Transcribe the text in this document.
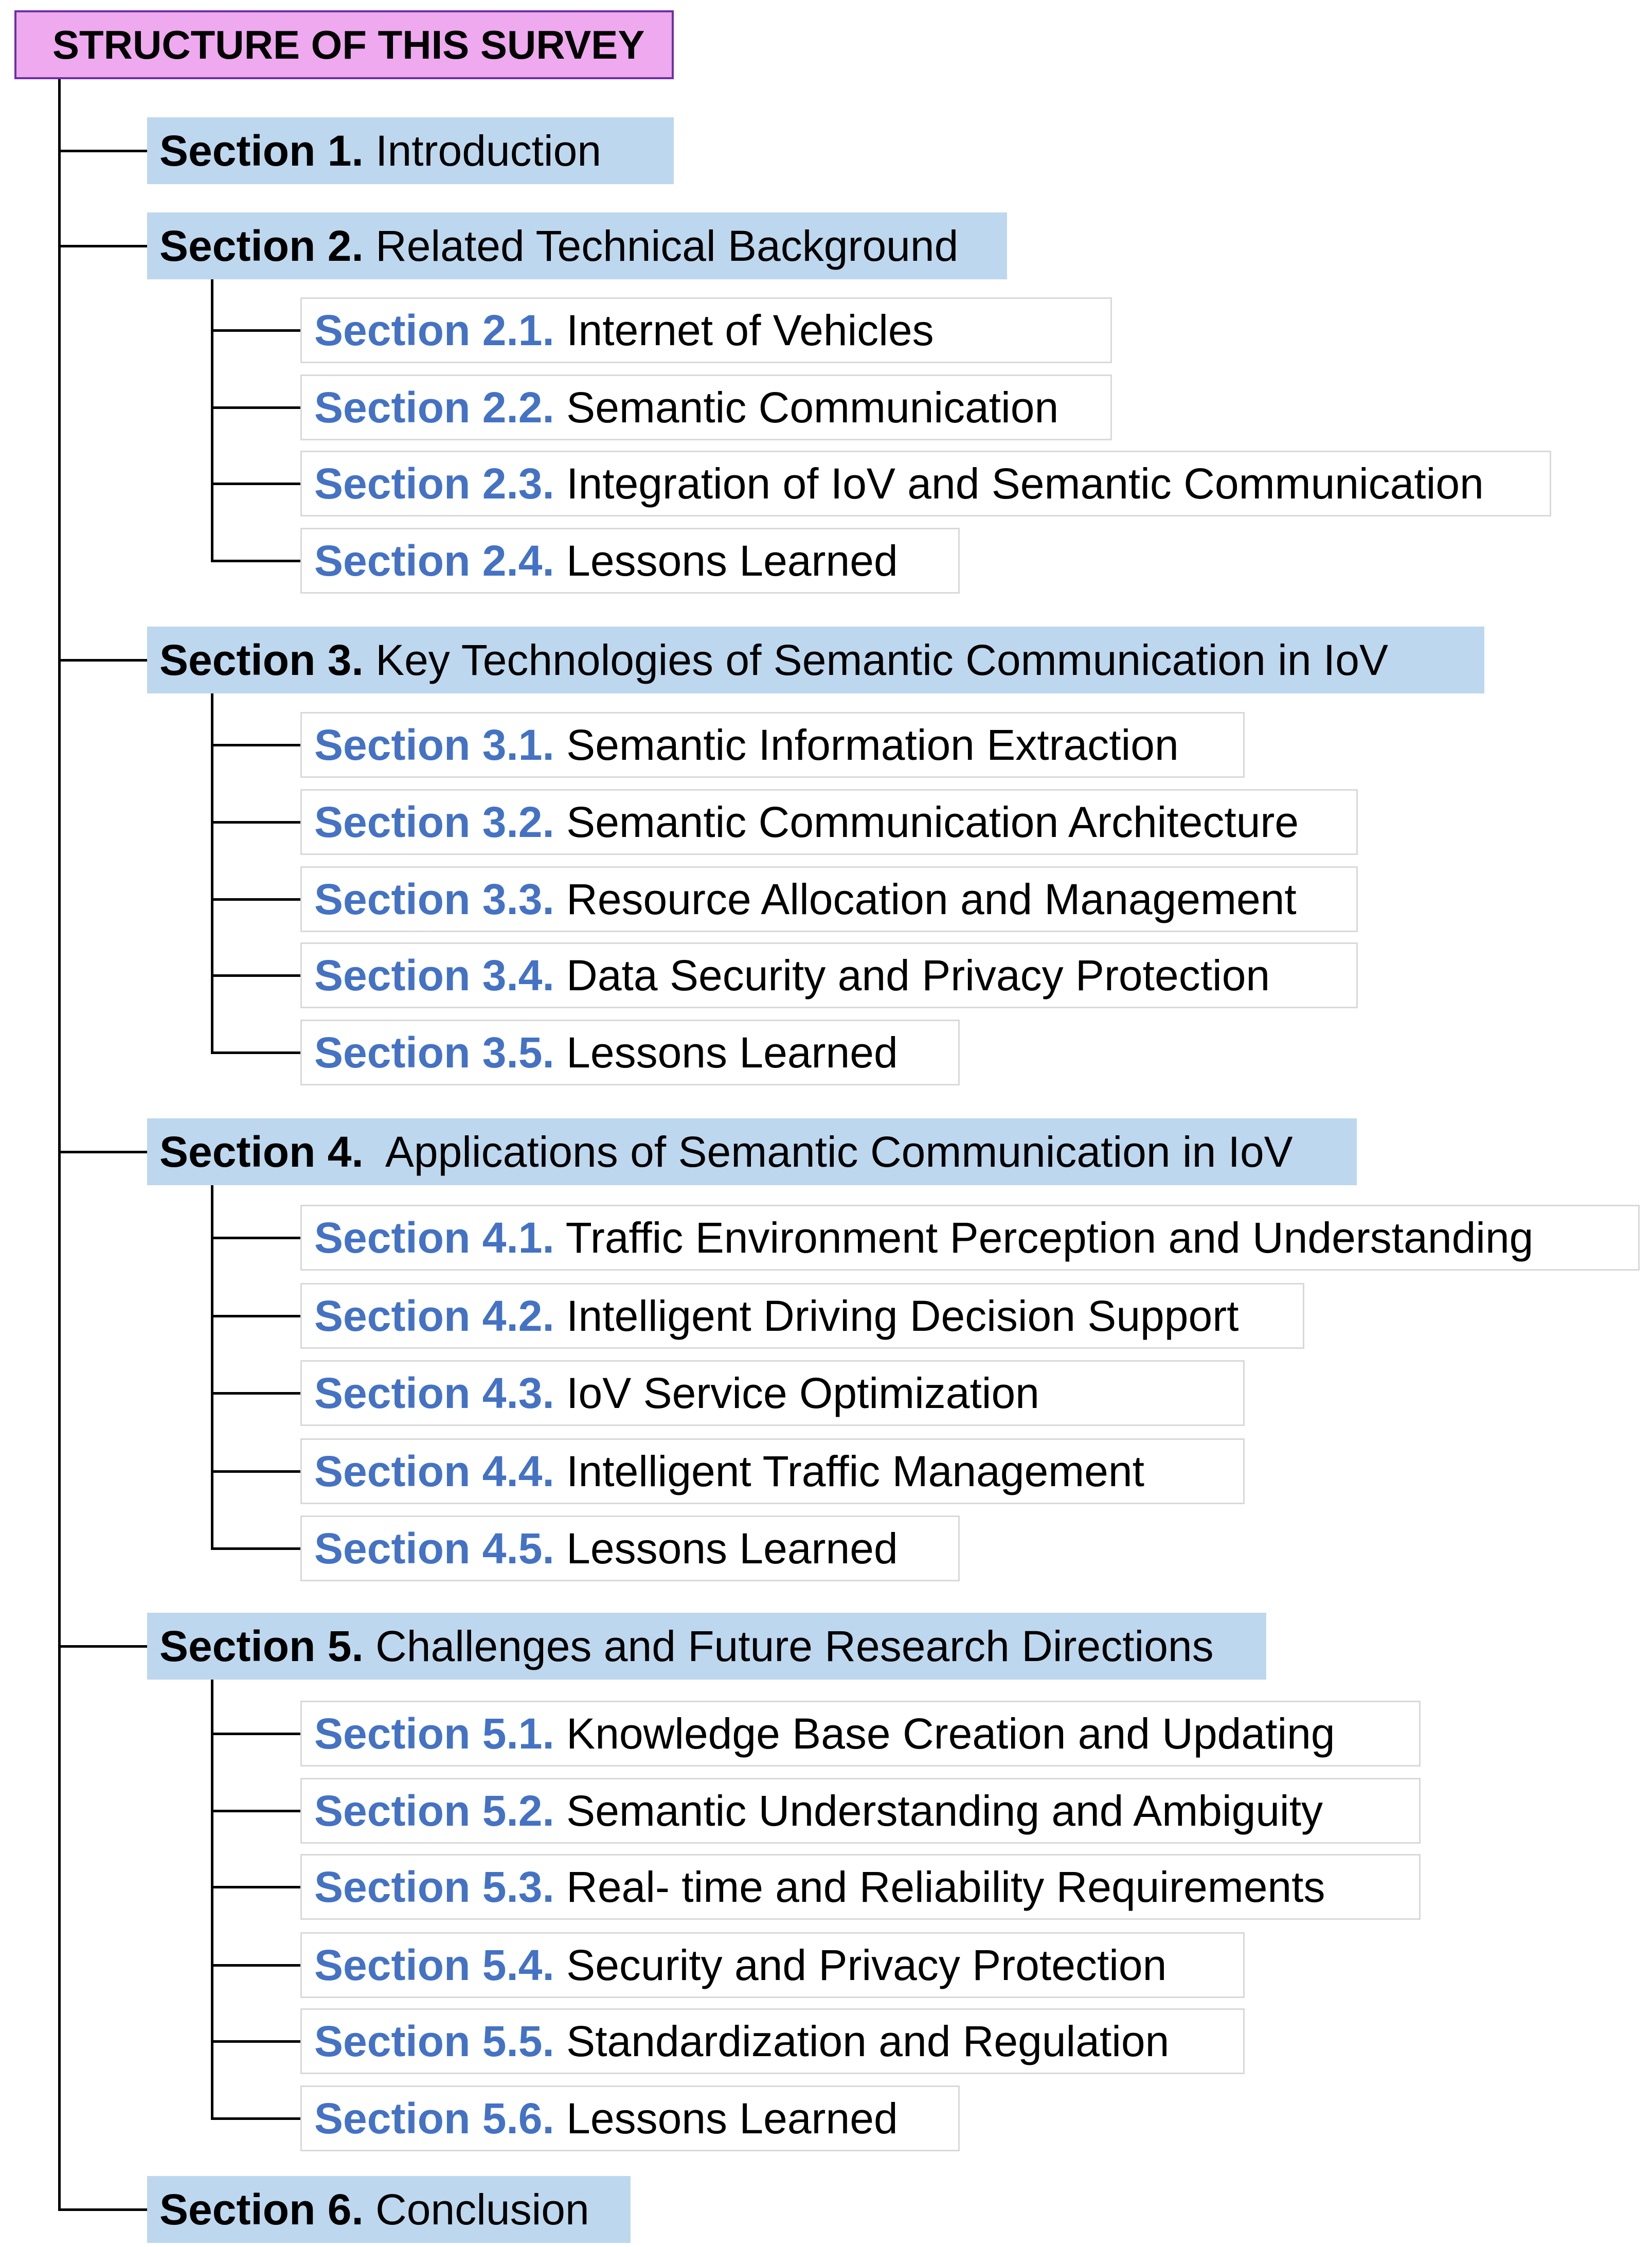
STRUCTURE OF THIS SURVEY
Section 1. Introduction
Section 2. Related Technical Background
Section 2.1. Internet of Vehicles
Section 2.2. Semantic Communication
Section 2.3. Integration of IoV and Semantic Communication
Section 2.4. Lessons Learned
Section 3. Key Technologies of Semantic Communication in IoV
Section 3.1. Semantic Information Extraction
Section 3.2. Semantic Communication Architecture
Section 3.3. Resource Allocation and Management
Section 3.4. Data Security and Privacy Protection
Section 3.5. Lessons Learned
Section 4.  Applications of Semantic Communication in IoV
Section 4.1. Traffic Environment Perception and Understanding
Section 4.2. Intelligent Driving Decision Support
Section 4.3. IoV Service Optimization
Section 4.4. Intelligent Traffic Management
Section 4.5. Lessons Learned
Section 5. Challenges and Future Research Directions
Section 5.1. Knowledge Base Creation and Updating
Section 5.2. Semantic Understanding and Ambiguity
Section 5.3. Real- time and Reliability Requirements
Section 5.4. Security and Privacy Protection
Section 5.5. Standardization and Regulation
Section 5.6. Lessons Learned
Section 6. Conclusion
